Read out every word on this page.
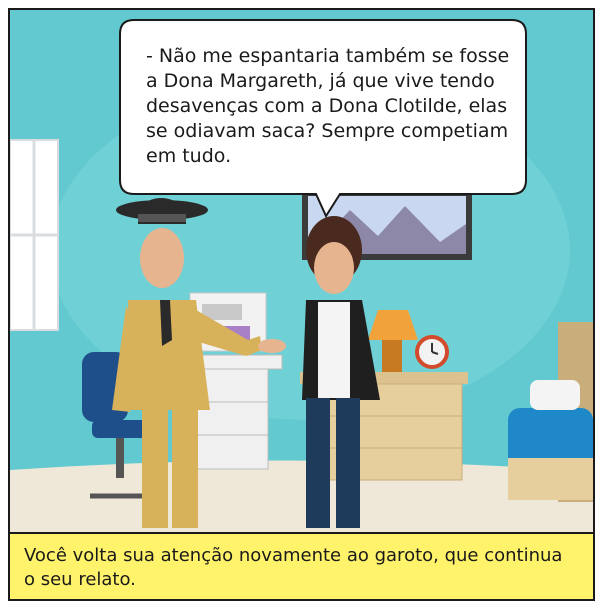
- Não me espantaria também se fosse a Dona Margareth, já que vive tendo desavenças com a Dona Clotilde, elas se odiavam saca? Sempre competiam em tudo.

Você volta sua atenção novamente ao garoto, que continua o seu relato.
